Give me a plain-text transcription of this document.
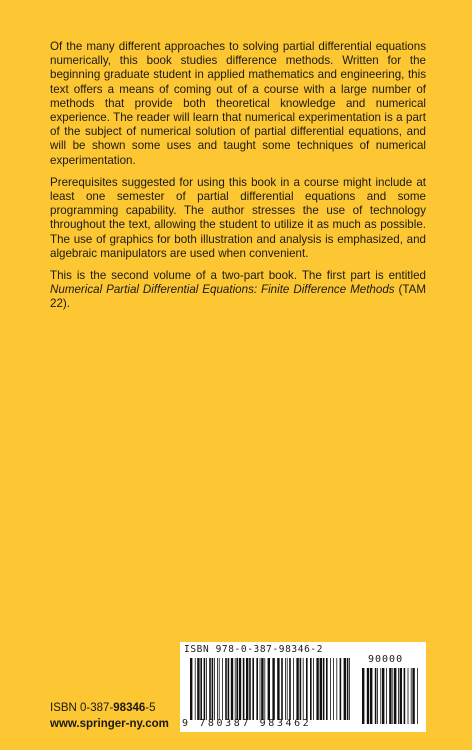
Of the many different approaches to solving partial differential equations numerically, this book studies difference methods. Written for the beginning graduate student in applied mathematics and engineering, this text offers a means of coming out of a course with a large number of methods that provide both theoretical knowledge and numerical experience. The reader will learn that numerical experimentation is a part of the subject of numerical solution of partial differential equations, and will be shown some uses and taught some techniques of numerical experimentation.

Prerequisites suggested for using this book in a course might include at least one semester of partial differential equations and some programming capability. The author stresses the use of technology throughout the text, allowing the student to utilize it as much as possible. The use of graphics for both illustration and analysis is emphasized, and algebraic manipulators are used when convenient.

This is the second volume of a two-part book. The first part is entitled Numerical Partial Differential Equations: Finite Difference Methods (TAM 22).

ISBN 0-387-98346-5
www.springer-ny.com
ISBN 978-0-387-98346-2
90000
9 780387 983462
